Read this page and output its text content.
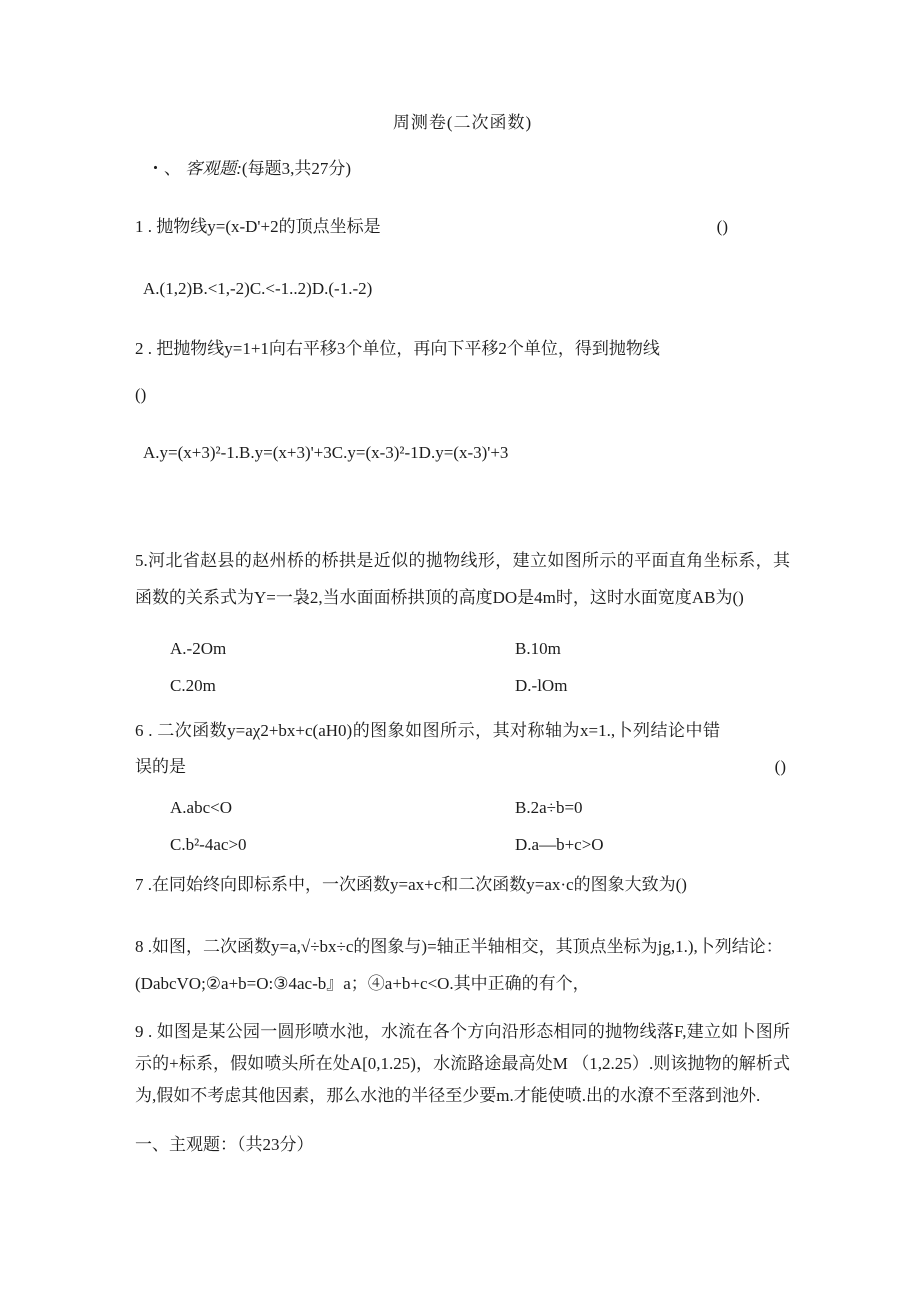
周测卷(二次函数)
・、 客观题:(每题3,共27分)
1 . 抛物线y=(x-D'+2的顶点坐标是	()
A.(1,2)B.<1,-2)C.<-1..2)D.(-1.-2)
2 . 把抛物线y=1+1向右平移3个单位，再向下平移2个单位，得到抛物线
()
A.y=(x+3)²-1.B.y=(x+3)'+3C.y=(x-3)²-1D.y=(x-3)'+3
5.河北省赵县的赵州桥的桥拱是近似的拋物线形，建立如图所示的平面直角坐标系，其函数的关系式为Y=一袅2,当水面面桥拱顶的高度DO是4m时，这时水面宽度AB为()
A.-2Om	B.10m
C.20m	D.-lOm
6 . 二次函数y=aχ2+bx+c(aH0)的图象如图所示，其对称轴为x=1.,卜列结论中错误的是	()
A.abc<O	B.2a÷b=0
C.b²-4ac>0	D.a—b+c>O
7 .在同始终向即标系中，一次函数y=ax+c和二次函数y=ax·c的图象大致为()
8 .如图，二次函数y=a,√÷bx÷c的图象与)=轴正半轴相交，其顶点坐标为jg,1.),卜列结论：
(DabcVO;②a+b=O:③4ac-b』a；④a+b+c<O.其中正确的有个，
9 . 如图是某公园一圆形喷水池，水流在各个方向沿形态相同的抛物线落F,建立如卜图所示的+标系，假如喷头所在处A[0,1.25)，水流路途最高处M （1,2.25）.则该抛物的解析式为,假如不考虑其他因素，那么水池的半径至少要m.才能使喷.出的水潦不至落到池外.
一、主观题：（共23分）
